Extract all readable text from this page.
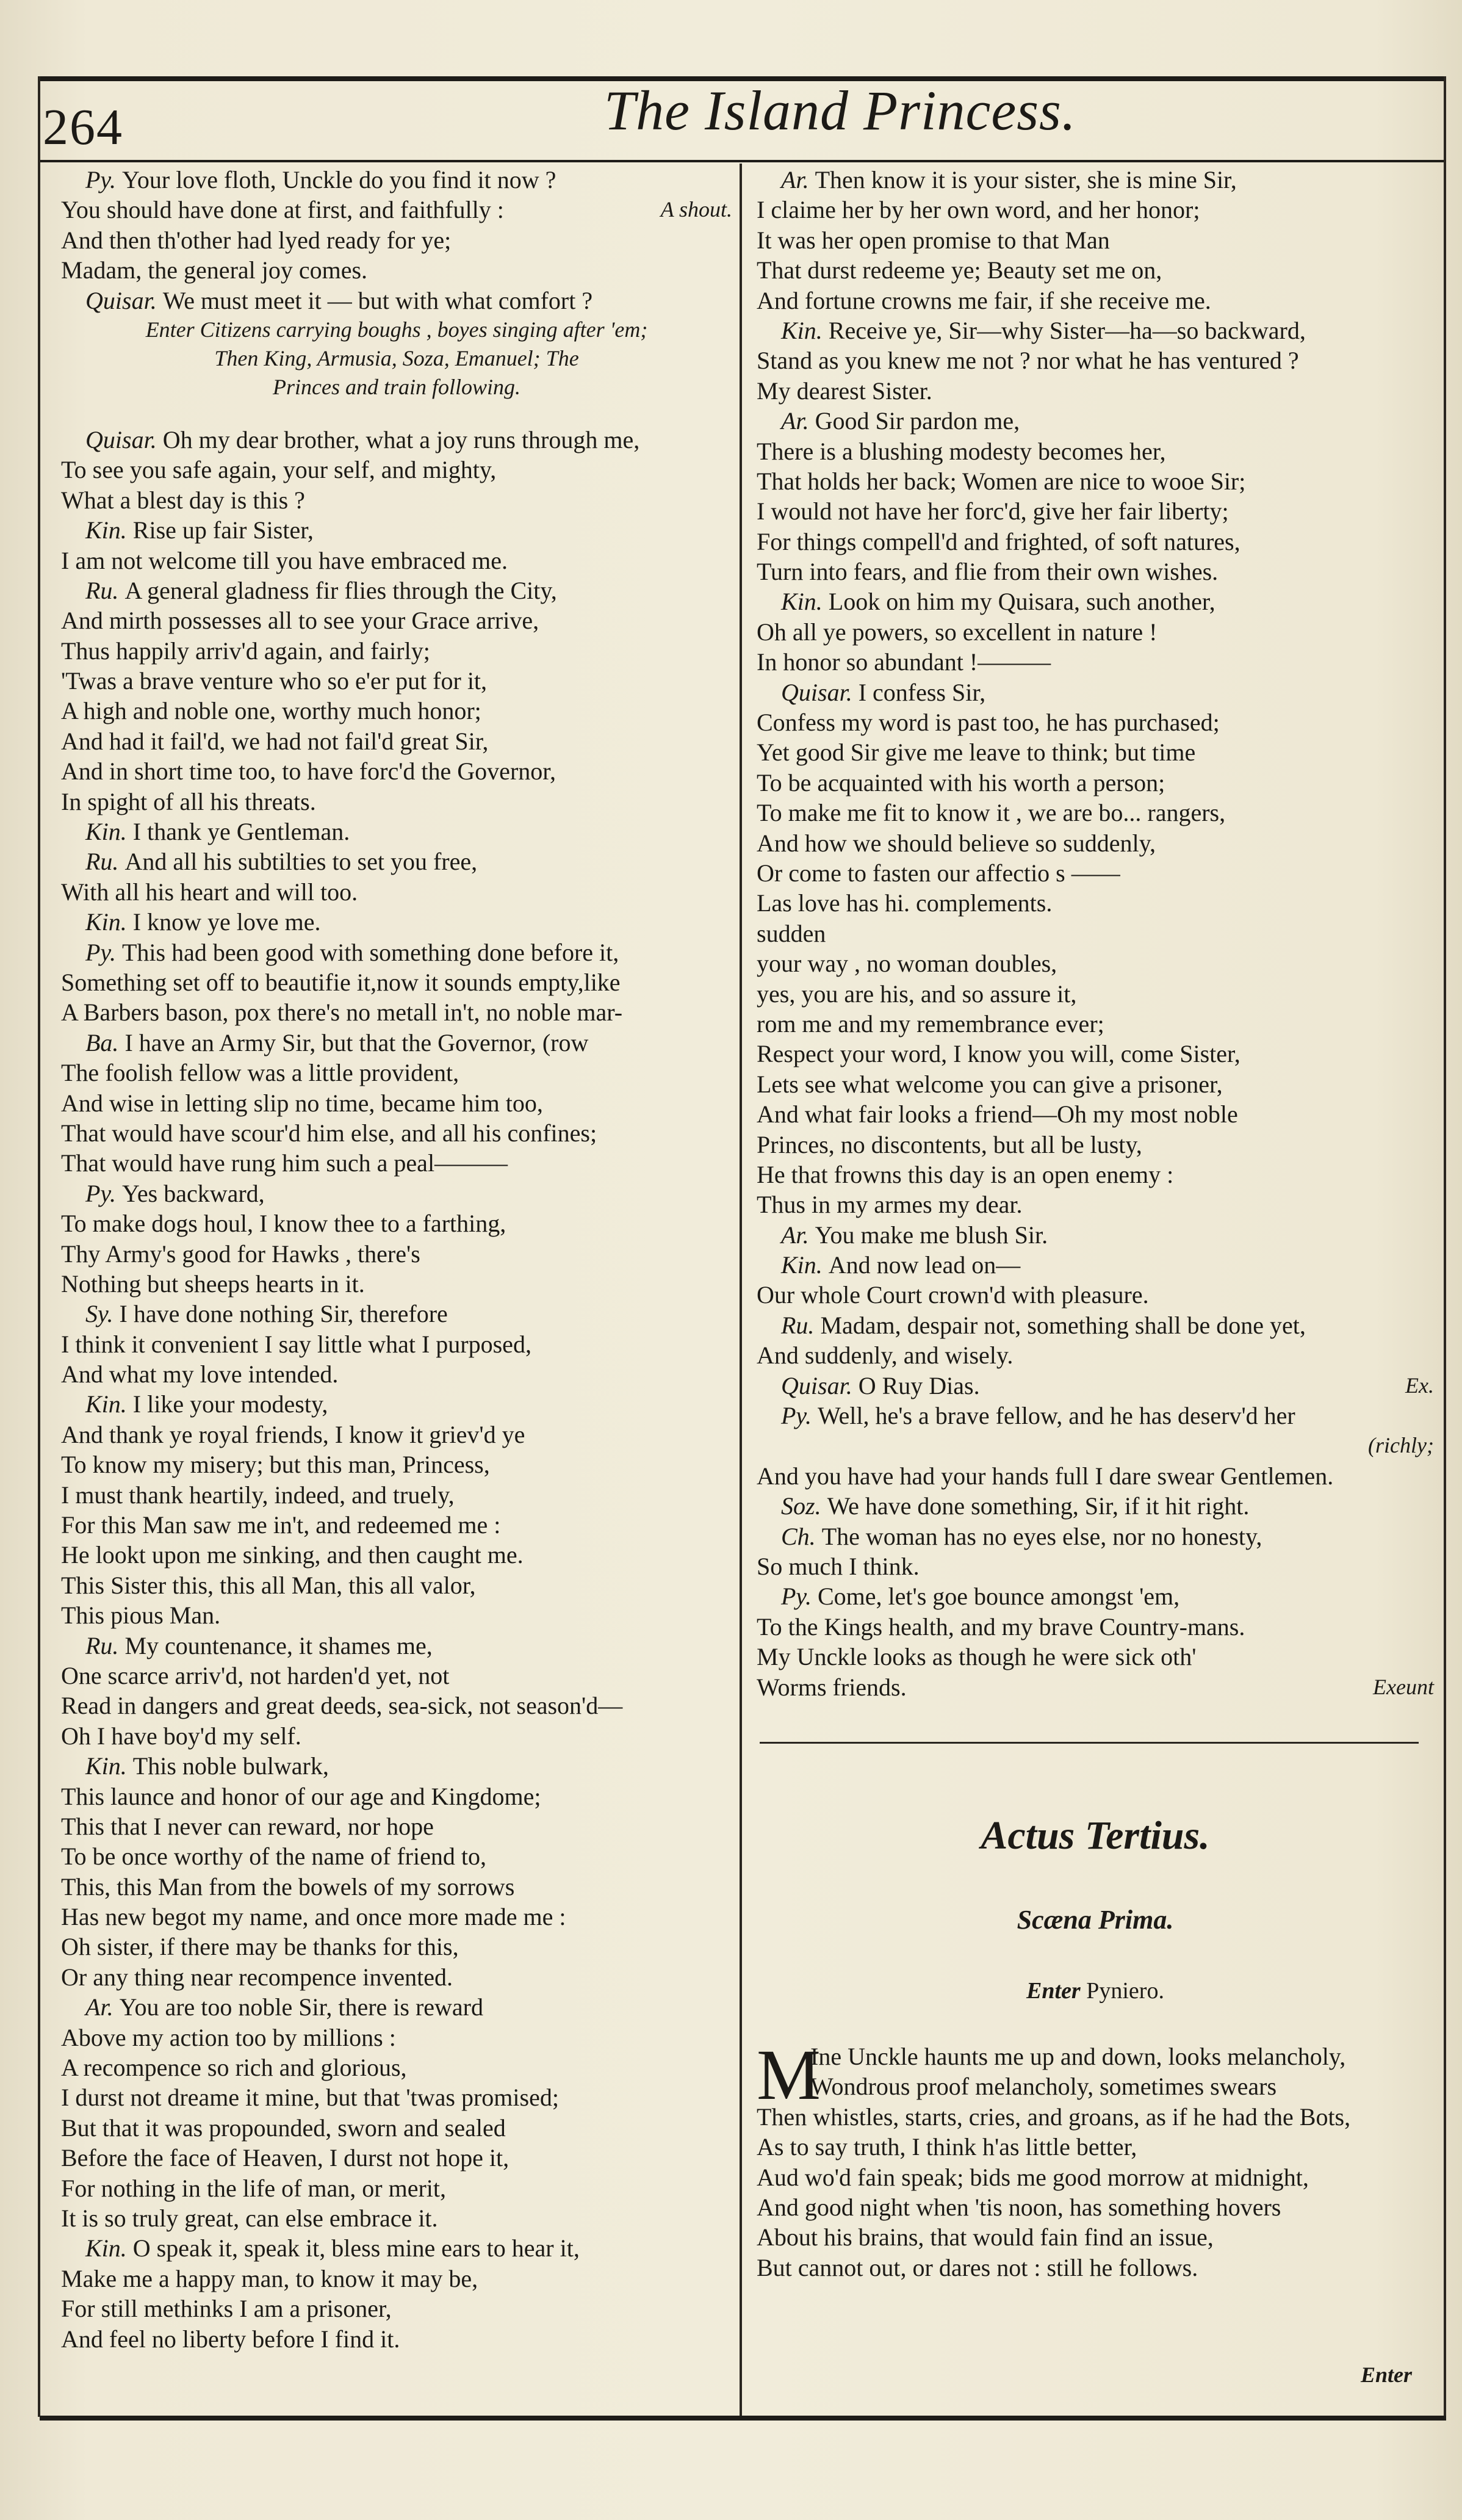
264	The Island Princess.
Py. Your love floth, Unckle do you find it now ?
You should have done at first, and faithfully :	A shout.
And then th'other had lyed ready for ye;
Madam, the general joy comes.
Quisar. We must meet it — but with what comfort ?
Enter Citizens carrying boughs , boyes singing after 'em;
Then King, Armusia, Soza, Emanuel; The
Princes and train following.
Quisar. Oh my dear brother, what a joy runs through me,
To see you safe again, your self, and mighty,
What a blest day is this ?
Kin. Rise up fair Sister,
I am not welcome till you have embraced me.
Ru. A general gladness fir flies through the City,
And mirth possesses all to see your Grace arrive,
Thus happily arriv'd again, and fairly;
'Twas a brave venture who so e'er put for it,
A high and noble one, worthy much honor;
And had it fail'd, we had not fail'd great Sir,
And in short time too, to have forc'd the Governor,
In spight of all his threats.
Kin. I thank ye Gentleman.
Ru. And all his subtilties to set you free,
With all his heart and will too.
Kin. I know ye love me.
Py. This had been good with something done before it,
Something set off to beautifie it,now it sounds empty,like
A Barbers bason, pox there's no metall in't, no noble mar-
Ba. I have an Army Sir, but that the Governor, (row
The foolish fellow was a little provident,
And wise in letting slip no time, became him too,
That would have scour'd him else, and all his confines;
That would have rung him such a peal———
Py. Yes backward,
To make dogs houl, I know thee to a farthing,
Thy Army's good for Hawks , there's
Nothing but sheeps hearts in it.
Sy. I have done nothing Sir, therefore
I think it convenient I say little what I purposed,
And what my love intended.
Kin. I like your modesty,
And thank ye royal friends, I know it griev'd ye
To know my misery; but this man, Princess,
I must thank heartily, indeed, and truely,
For this Man saw me in't, and redeemed me :
He lookt upon me sinking, and then caught me.
This Sister this, this all Man, this all valor,
This pious Man.
Ru. My countenance, it shames me,
One scarce arriv'd, not harden'd yet, not
Read in dangers and great deeds, sea-sick, not season'd—
Oh I have boy'd my self.
Kin. This noble bulwark,
This launce and honor of our age and Kingdome;
This that I never can reward, nor hope
To be once worthy of the name of friend to,
This, this Man from the bowels of my sorrows
Has new begot my name, and once more made me :
Oh sister, if there may be thanks for this,
Or any thing near recompence invented.
Ar. You are too noble Sir, there is reward
Above my action too by millions :
A recompence so rich and glorious,
I durst not dreame it mine, but that 'twas promised;
But that it was propounded, sworn and sealed
Before the face of Heaven, I durst not hope it,
For nothing in the life of man, or merit,
It is so truly great, can else embrace it.
Kin. O speak it, speak it, bless mine ears to hear it,
Make me a happy man, to know it may be,
For still methinks I am a prisoner,
And feel no liberty before I find it.
Ar. Then know it is your sister, she is mine Sir,
I claime her by her own word, and her honor;
It was her open promise to that Man
That durst redeeme ye; Beauty set me on,
And fortune crowns me fair, if she receive me.
Kin. Receive ye, Sir—why Sister—ha—so backward,
Stand as you knew me not ? nor what he has ventured ?
My dearest Sister.
Ar. Good Sir pardon me,
There is a blushing modesty becomes her,
That holds her back; Women are nice to wooe Sir;
I would not have her forc'd, give her fair liberty;
For things compell'd and frighted, of soft natures,
Turn into fears, and flie from their own wishes.
Kin. Look on him my Quisara, such another,
Oh all ye powers, so excellent in nature !
In honor so abundant !———
Quisar. I confess Sir,
Confess my word is past too, he has purchased;
Yet good Sir give me leave to think; but time
To be acquainted with his worth a person;
To make me fit to know it , we are bo... rangers,
And how we should believe so suddenly,
Or come to fasten our affectio s ——
Las love has hi. complements.
sudden
your way , no woman doubles,
yes, you are his, and so assure it,
rom me and my remembrance ever;
Respect your word, I know you will, come Sister,
Lets see what welcome you can give a prisoner,
And what fair looks a friend—Oh my most noble
Princes, no discontents, but all be lusty,
He that frowns this day is an open enemy :
Thus in my armes my dear.
Ar. You make me blush Sir.
Kin. And now lead on—
Our whole Court crown'd with pleasure.
Ru. Madam, despair not, something shall be done yet,
And suddenly, and wisely.
Quisar. O Ruy Dias.	Ex.
Py. Well, he's a brave fellow, and he has deserv'd her
(richly;
And you have had your hands full I dare swear Gentlemen.
Soz. We have done something, Sir, if it hit right.
Ch. The woman has no eyes else, nor no honesty,
So much I think.
Py. Come, let's goe bounce amongst 'em,
To the Kings health, and my brave Country-mans.
My Unckle looks as though he were sick oth'
Worms friends.	Exeunt
Actus Tertius.
Scæna Prima.
Enter Pyniero.
M
Ine Unckle haunts me up and down, looks melancholy,
Wondrous proof melancholy, sometimes swears
Then whistles, starts, cries, and groans, as if he had the Bots,
As to say truth, I think h'as little better,
Aud wo'd fain speak; bids me good morrow at midnight,
And good night when 'tis noon, has something hovers
About his brains, that would fain find an issue,
But cannot out, or dares not : still he follows.
Enter
